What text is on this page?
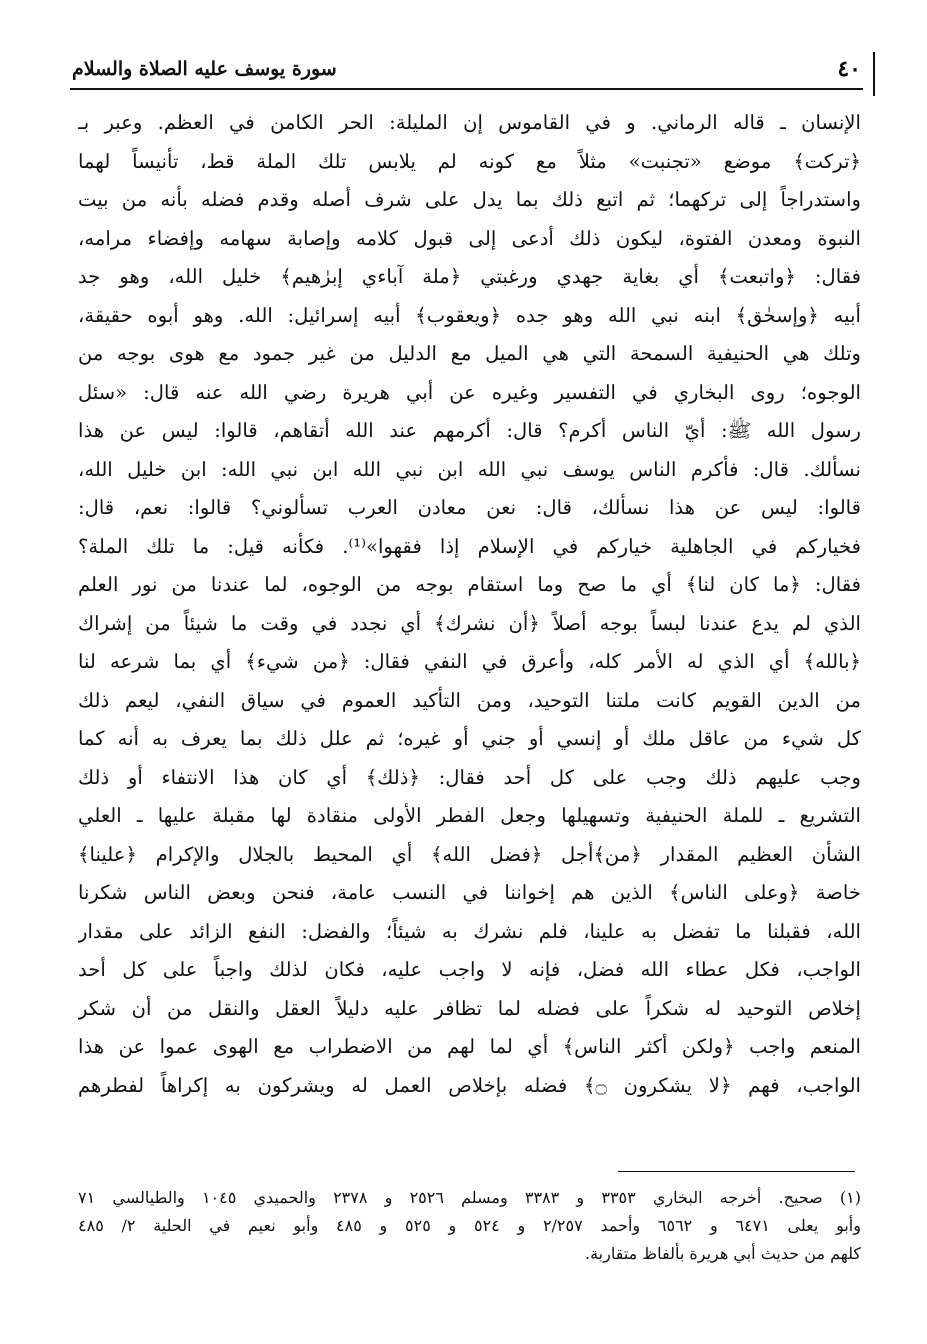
٤٠
سورة يوسف عليه الصلاة والسلام
الإنسان ـ قاله الرماني. و في القاموس إن المليلة: الحر الكامن في العظم. وعبر بـ
﴿تركت﴾ موضع «تجنبت» مثلاً مع كونه لم يلابس تلك الملة قط، تأنيساً لهما
واستدراجاً إلى تركهما؛ ثم اتبع ذلك بما يدل على شرف أصله وقدم فضله بأنه من بيت
النبوة ومعدن الفتوة، ليكون ذلك أدعى إلى قبول كلامه وإصابة سهامه وإفضاء مرامه،
فقال: ﴿واتبعت﴾ أي بغاية جهدي ورغبتي ﴿ملة آباءي إبرٰهيم﴾ خليل الله، وهو جد
أبيه ﴿وإسحٰق﴾ ابنه نبي الله وهو جده ﴿ويعقوب﴾ أبيه إسرائيل: الله. وهو أبوه حقيقة،
وتلك هي الحنيفية السمحة التي هي الميل مع الدليل من غير جمود مع هوى بوجه من
الوجوه؛ روى البخاري في التفسير وغيره عن أبي هريرة رضي الله عنه قال: «سئل
رسول الله ﷺ: أيّ الناس أكرم؟ قال: أكرمهم عند الله أتقاهم، قالوا: ليس عن هذا
نسألك. قال: فأكرم الناس يوسف نبي الله ابن نبي الله ابن نبي الله: ابن خليل الله،
قالوا: ليس عن هذا نسألك، قال: نعن معادن العرب تسألوني؟ قالوا: نعم، قال:
فخياركم في الجاهلية خياركم في الإسلام إذا فقهوا»⁽¹⁾. فكأنه قيل: ما تلك الملة؟
فقال: ﴿ما كان لنا﴾ أي ما صح وما استقام بوجه من الوجوه، لما عندنا من نور العلم
الذي لم يدع عندنا لبساً بوجه أصلاً ﴿أن نشرك﴾ أي نجدد في وقت ما شيئاً من إشراك
﴿بالله﴾ أي الذي له الأمر كله، وأعرق في النفي فقال: ﴿من شيء﴾ أي بما شرعه لنا
من الدين القويم كانت ملتنا التوحيد، ومن التأكيد العموم في سياق النفي، ليعم ذلك
كل شيء من عاقل ملك أو إنسي أو جني أو غيره؛ ثم علل ذلك بما يعرف به أنه كما
وجب عليهم ذلك وجب على كل أحد فقال: ﴿ذلك﴾ أي كان هذا الانتفاء أو ذلك
التشريع ـ للملة الحنيفية وتسهيلها وجعل الفطر الأولى منقادة لها مقبلة عليها ـ العلي
الشأن العظيم المقدار ﴿من﴾أجل ﴿فضل الله﴾ أي المحيط بالجلال والإكرام ﴿علينا﴾
خاصة ﴿وعلى الناس﴾ الذين هم إخواننا في النسب عامة، فنحن وبعض الناس شكرنا
الله، فقبلنا ما تفضل به علينا، فلم نشرك به شيئاً؛ والفضل: النفع الزائد على مقدار
الواجب، فكل عطاء الله فضل، فإنه لا واجب عليه، فكان لذلك واجباً على كل أحد
إخلاص التوحيد له شكراً على فضله لما تظافر عليه دليلاً العقل والنقل من أن شكر
المنعم واجب ﴿ولكن أكثر الناس﴾ أي لما لهم من الاضطراب مع الهوى عموا عن هذا
الواجب، فهم ﴿لا يشكرون ۝﴾ فضله بإخلاص العمل له ويشركون به إكراهاً لفطرهم
(١) صحيح. أخرجه البخاري ٣٣٥٣ و ٣٣٨٣ ومسلم ٢٥٢٦ و ٢٣٧٨ والحميدي ١٠٤٥ والطيالسي ٧١
وأبو يعلى ٦٤٧١ و ٦٥٦٢ وأحمد ٢/٢٥٧ و ٥٢٤ و ٥٢٥ و ٤٨٥ وأبو نعيم في الحلية ٢/ ٤٨٥
كلهم من حديث أبي هريرة بألفاظ متقاربة.
